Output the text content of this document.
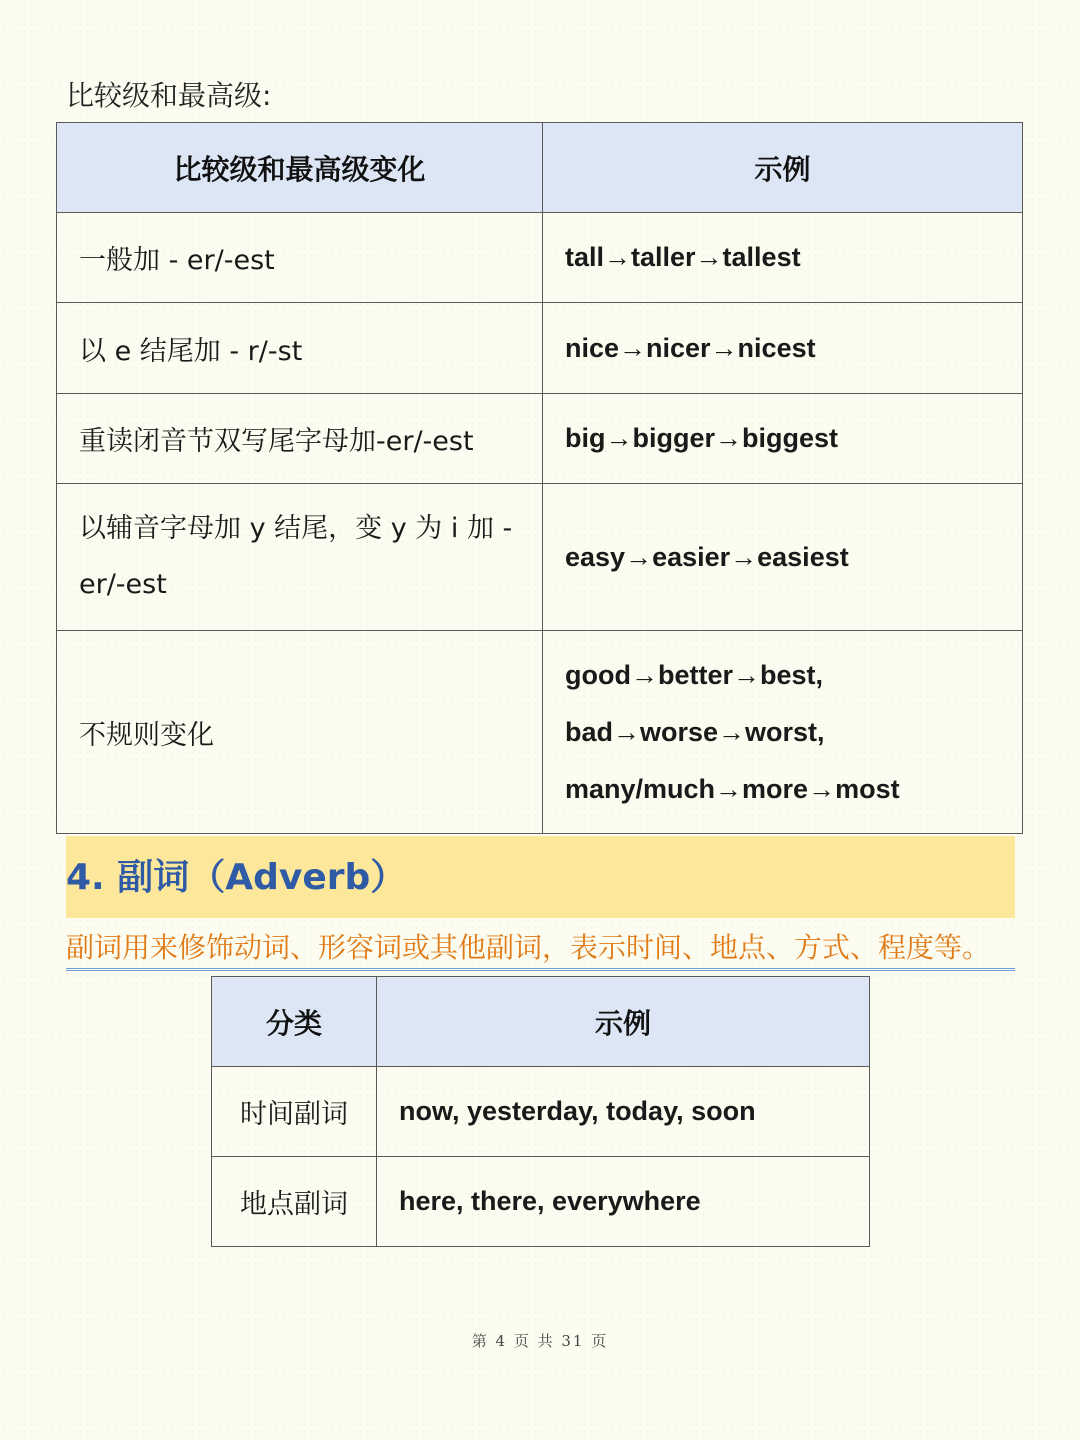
比较级和最高级:
比较级和最高级变化	示例
一般加 - er/-est	tall→taller→tallest
以 e 结尾加 - r/-st	nice→nicer→nicest
重读闭音节双写尾字母加-er/-est	big→bigger→biggest
以辅音字母加 y 结尾，变 y 为 i 加 - er/-est	easy→easier→easiest
不规则变化	good→better→best,
bad→worse→worst,
many/much→more→most
4. 副词（Adverb）
副词用来修饰动词、形容词或其他副词，表示时间、地点、方式、程度等。
分类	示例
时间副词	now, yesterday, today, soon
地点副词	here, there, everywhere
第 4 页 共 31 页
